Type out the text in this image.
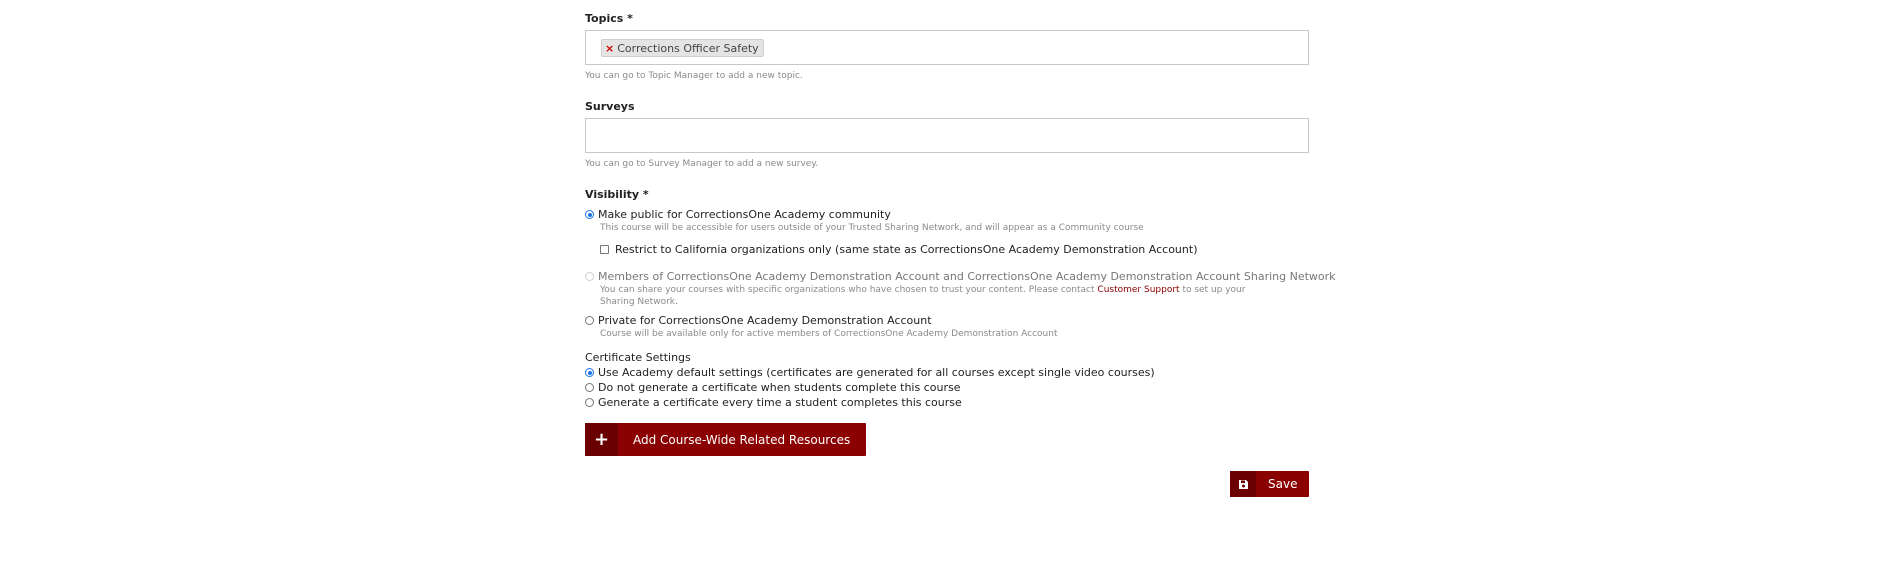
Topics *
× Corrections Officer Safety
You can go to Topic Manager to add a new topic.
Surveys
You can go to Survey Manager to add a new survey.
Visibility *
Make public for CorrectionsOne Academy community
This course will be accessible for users outside of your Trusted Sharing Network, and will appear as a Community course
Restrict to California organizations only (same state as CorrectionsOne Academy Demonstration Account)
Members of CorrectionsOne Academy Demonstration Account and CorrectionsOne Academy Demonstration Account Sharing Network
You can share your courses with specific organizations who have chosen to trust your content. Please contact Customer Support to set up your
Sharing Network.
Private for CorrectionsOne Academy Demonstration Account
Course will be available only for active members of CorrectionsOne Academy Demonstration Account
Certificate Settings
Use Academy default settings (certificates are generated for all courses except single video courses)
Do not generate a certificate when students complete this course
Generate a certificate every time a student completes this course
+	Add Course-Wide Related Resources
Save
